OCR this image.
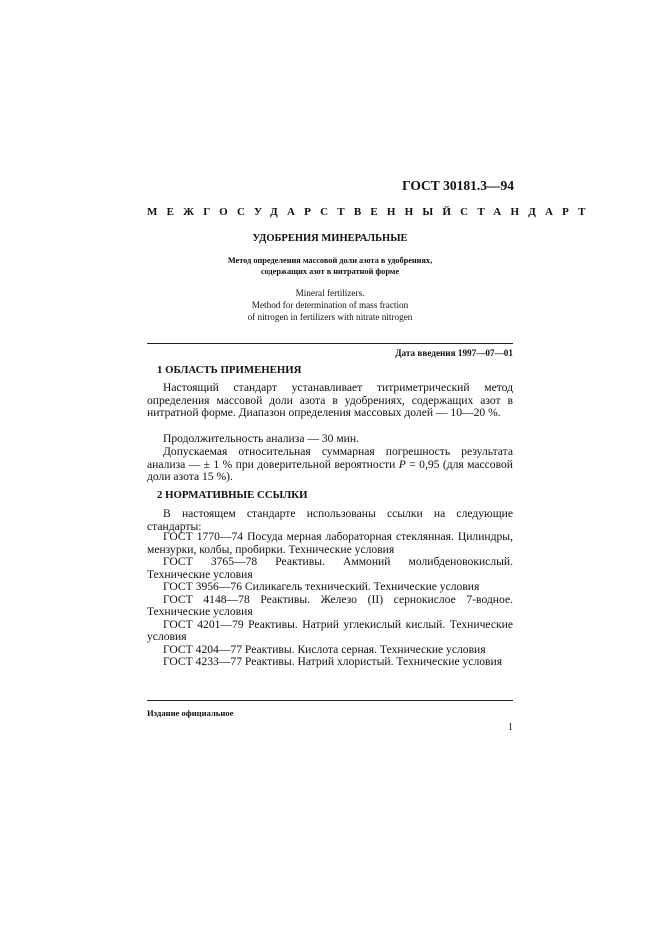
ГОСТ 30181.3—94
МЕЖГОСУДАРСТВЕННЫЙ СТАНДАРТ
УДОБРЕНИЯ МИНЕРАЛЬНЫЕ
Метод определения массовой доли азота в удобрениях,
содержащих азот в нитратной форме
Mineral fertilizers.
Method for determination of mass fraction
of nitrogen in fertilizers with nitrate nitrogen
Дата введения 1997—07—01
1 ОБЛАСТЬ ПРИМЕНЕНИЯ

Настоящий стандарт устанавливает титриметрический метод определения массовой доли азота в удобрениях, содержащих азот в нитратной форме. Диапазон определения массовых долей — 10—20 %.

Продолжительность анализа — 30 мин.

Допускаемая относительная суммарная погрешность результата анализа — ± 1 % при доверительной вероятности P = 0,95 (для массовой доли азота 15 %).

2 НОРМАТИВНЫЕ ССЫЛКИ

В настоящем стандарте использованы ссылки на следующие стандарты:

ГОСТ 1770—74 Посуда мерная лабораторная стеклянная. Цилиндры, мензурки, колбы, пробирки. Технические условия

ГОСТ 3765—78 Реактивы. Аммоний молибденовокислый. Технические условия

ГОСТ 3956—76 Силикагель технический. Технические условия

ГОСТ 4148—78 Реактивы. Железо (II) сернокислое 7-водное. Технические условия

ГОСТ 4201—79 Реактивы. Натрий углекислый кислый. Технические условия

ГОСТ 4204—77 Реактивы. Кислота серная. Технические условия

ГОСТ 4233—77 Реактивы. Натрий хлористый. Технические условия

Издание официальное
1
